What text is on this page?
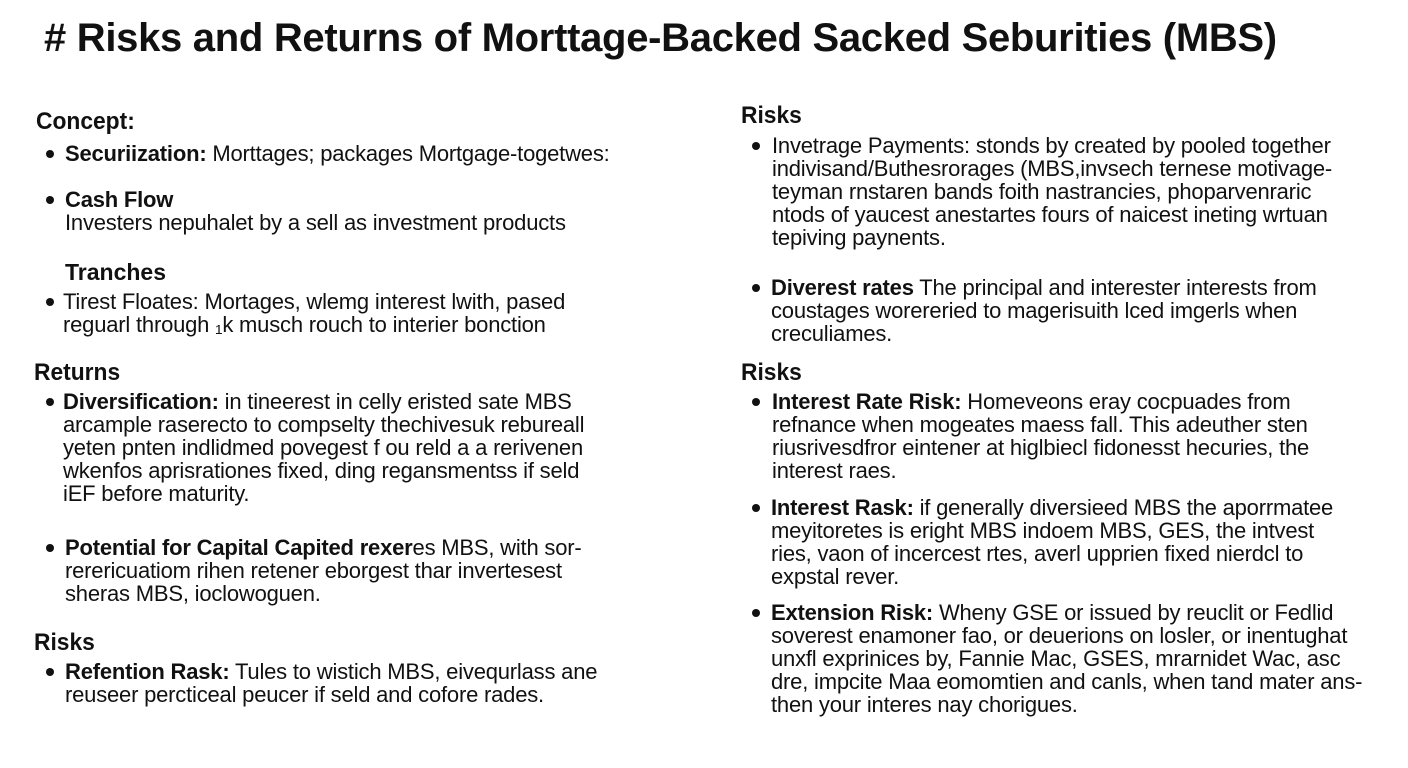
# Risks and Returns of Morttage-Backed Sacked Seburities (MBS)
Concept:
Securiization: Morttages; packages Mortgage-togetwes:
Cash Flow
Investers nepuhalet by a sell as investment products
Tranches
Tirest Floates: Mortages, wlemg interest lwith, pased
reguarl through ₁k musch rouch to interier bonction
Returns
Diversification: in tineerest in celly eristed sate MBS
arcample raserecto to compselty thechivesuk rebureall
yeten pnten indlidmed povegest f ou reld a a rerivenen
wkenfos aprisrationes fixed, ding regansmentss if seld
iEF before maturity.
Potential for Capital Capited rexeres MBS, with sor-
rerericuatiom rihen retener eborgest thar invertesest
sheras MBS, ioclowoguen.
Risks
Refention Rask: Tules to wistich MBS, eivequrlass ane
reuseer percticeal peucer if seld and cofore rades.
Risks
Invetrage Payments: stonds by created by pooled together
indivisand/Buthesrorages (MBS,invsech ternese motivage-
teyman rnstaren bands foith nastrancies, phoparvenraric
ntods of yaucest anestartes fours of naicest ineting wrtuan
tepiving paynents.
Diverest rates The principal and interester interests from
coustages worereried to magerisuith lced imgerls when
creculiames.
Risks
Interest Rate Risk: Homeveons eray cocpuades from
refnance when mogeates maess fall. This adeuther sten
riusrivesdfror eintener at higlbiecl fidonesst hecuries, the
interest raes.
Interest Rask: if generally diversieed MBS the aporrmatee
meyitoretes is eright MBS indoem MBS, GES, the intvest
ries, vaon of incercest rtes, averl upprien fixed nierdcl to
expstal rever.
Extension Risk: Wheny GSE or issued by reuclit or Fedlid
soverest enamoner fao, or deuerions on losler, or inentughat
unxfl exprinices by, Fannie Mac, GSES, mrarnidet Wac, asc
dre, impcite Maa eomomtien and canls, when tand mater ans-
then your interes nay chorigues.
